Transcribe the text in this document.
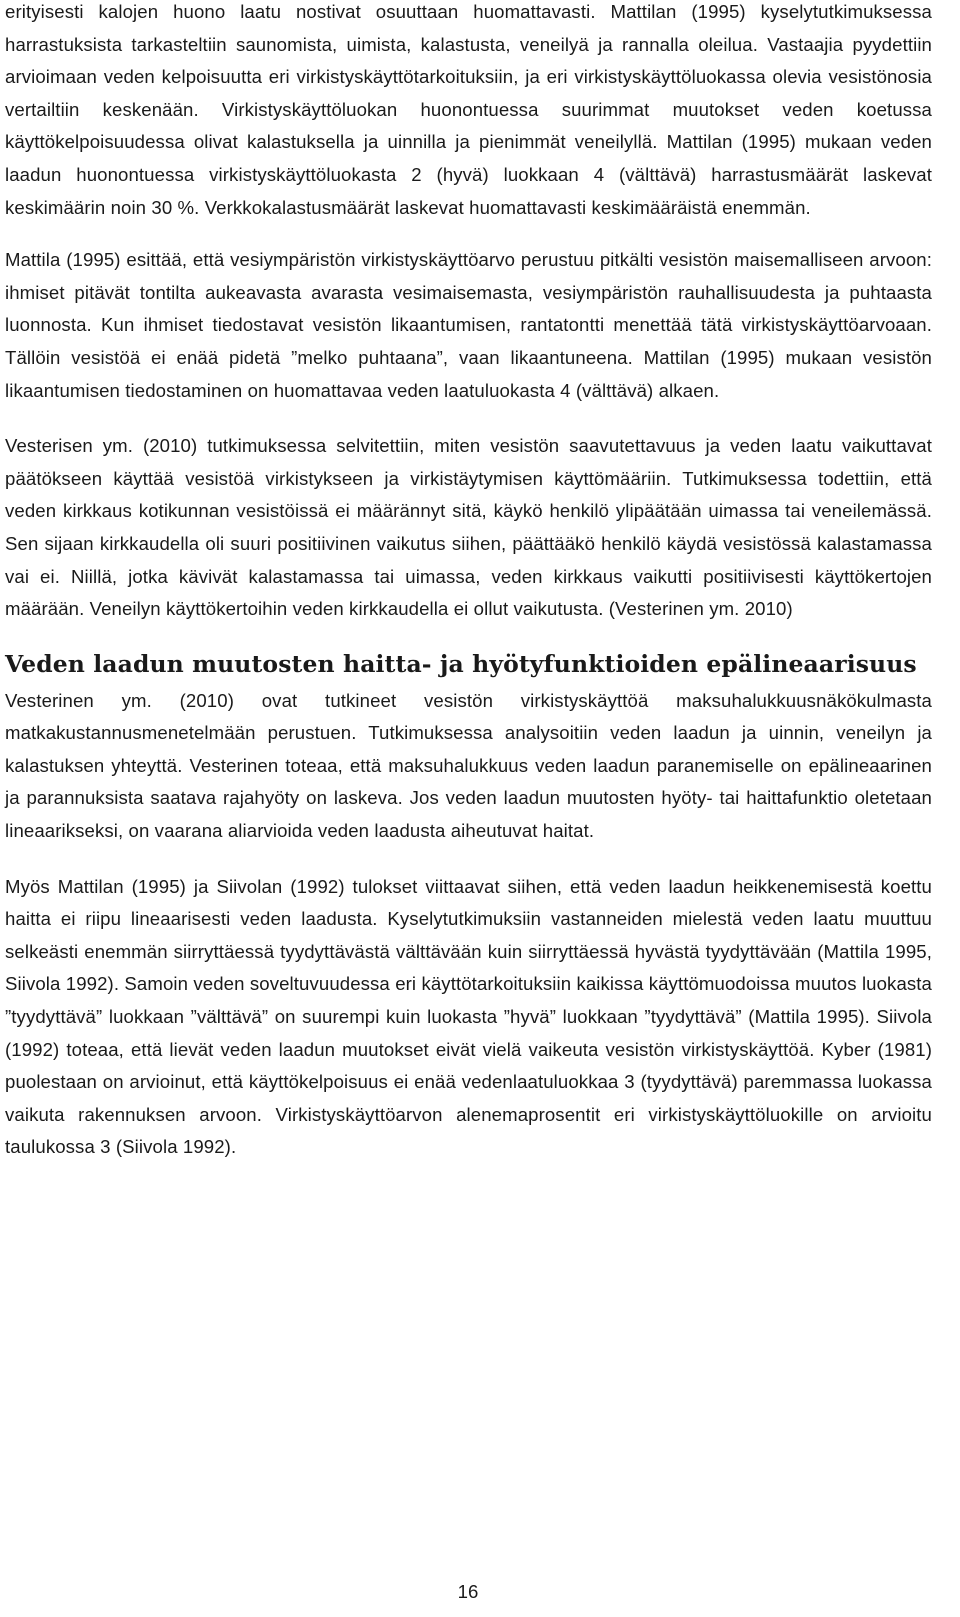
erityisesti kalojen huono laatu nostivat osuuttaan huomattavasti. Mattilan (1995) kyselytutkimuksessa harrastuksista tarkasteltiin saunomista, uimista, kalastusta, veneilyä ja rannalla oleilua. Vastaajia pyydettiin arvioimaan veden kelpoisuutta eri virkistyskäyttötarkoituksiin, ja eri virkistyskäyttöluokassa olevia vesistönosia vertailtiin keskenään. Virkistyskäyttöluokan huonontuessa suurimmat muutokset veden koetussa käyttökelpoisuudessa olivat kalastuksella ja uinnilla ja pienimmät veneilyllä. Mattilan (1995) mukaan veden laadun huonontuessa virkistyskäyttöluokasta 2 (hyvä) luokkaan 4 (välttävä) harrastusmäärät laskevat keskimäärin noin 30 %. Verkkokalastusmäärät laskevat huomattavasti keskimääräistä enemmän.

Mattila (1995) esittää, että vesiympäristön virkistyskäyttöarvo perustuu pitkälti vesistön maisemalliseen arvoon: ihmiset pitävät tontilta aukeavasta avarasta vesimaisemasta, vesiympäristön rauhallisuudesta ja puhtaasta luonnosta. Kun ihmiset tiedostavat vesistön likaantumisen, rantatontti menettää tätä virkistyskäyttöarvoaan. Tällöin vesistöä ei enää pidetä ”melko puhtaana”, vaan likaantuneena. Mattilan (1995) mukaan vesistön likaantumisen tiedostaminen on huomattavaa veden laatuluokasta 4 (välttävä) alkaen.

Vesterisen ym. (2010) tutkimuksessa selvitettiin, miten vesistön saavutettavuus ja veden laatu vaikuttavat päätökseen käyttää vesistöä virkistykseen ja virkistäytymisen käyttömääriin. Tutkimuksessa todettiin, että veden kirkkaus kotikunnan vesistöissä ei määrännyt sitä, käykö henkilö ylipäätään uimassa tai veneilemässä. Sen sijaan kirkkaudella oli suuri positiivinen vaikutus siihen, päättääkö henkilö käydä vesistössä kalastamassa vai ei. Niillä, jotka kävivät kalastamassa tai uimassa, veden kirkkaus vaikutti positiivisesti käyttökertojen määrään. Veneilyn käyttökertoihin veden kirkkaudella ei ollut vaikutusta. (Vesterinen ym. 2010)

Veden laadun muutosten haitta- ja hyötyfunktioiden epälineaarisuus

Vesterinen ym. (2010) ovat tutkineet vesistön virkistyskäyttöä maksuhalukkuusnäkökulmasta matkakustannusmenetelmään perustuen. Tutkimuksessa analysoitiin veden laadun ja uinnin, veneilyn ja kalastuksen yhteyttä. Vesterinen toteaa, että maksuhalukkuus veden laadun paranemiselle on epälineaarinen ja parannuksista saatava rajahyöty on laskeva. Jos veden laadun muutosten hyöty- tai haittafunktio oletetaan lineaarikseksi, on vaarana aliarvioida veden laadusta aiheutuvat haitat.

Myös Mattilan (1995) ja Siivolan (1992) tulokset viittaavat siihen, että veden laadun heikkenemisestä koettu haitta ei riipu lineaarisesti veden laadusta. Kyselytutkimuksiin vastanneiden mielestä veden laatu muuttuu selkeästi enemmän siirryttäessä tyydyttävästä välttävään kuin siirryttäessä hyvästä tyydyttävään (Mattila 1995, Siivola 1992). Samoin veden soveltuvuudessa eri käyttötarkoituksiin kaikissa käyttömuodoissa muutos luokasta ”tyydyttävä” luokkaan ”välttävä” on suurempi kuin luokasta ”hyvä” luokkaan ”tyydyttävä” (Mattila 1995). Siivola (1992) toteaa, että lievät veden laadun muutokset eivät vielä vaikeuta vesistön virkistyskäyttöä. Kyber (1981) puolestaan on arvioinut, että käyttökelpoisuus ei enää vedenlaatuluokkaa 3 (tyydyttävä) paremmassa luokassa vaikuta rakennuksen arvoon. Virkistyskäyttöarvon alenemaprosentit eri virkistyskäyttöluokille on arvioitu taulukossa 3 (Siivola 1992).

16
